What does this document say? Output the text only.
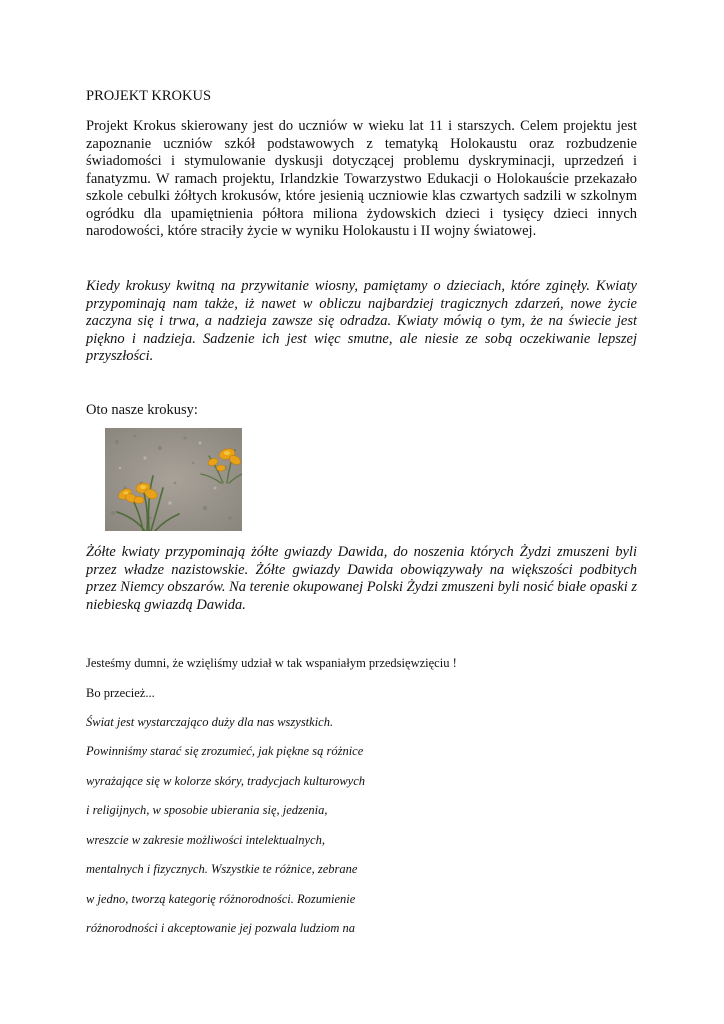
PROJEKT KROKUS

Projekt Krokus skierowany jest do uczniów w wieku lat 11 i starszych. Celem projektu jest zapoznanie uczniów szkół podstawowych z tematyką Holokaustu oraz rozbudzenie świadomości i stymulowanie dyskusji dotyczącej problemu dyskryminacji, uprzedzeń i fanatyzmu. W ramach projektu, Irlandzkie Towarzystwo Edukacji o Holokauście przekazało szkole cebulki żółtych krokusów, które jesienią uczniowie klas czwartych sadzili w szkolnym ogródku dla upamiętnienia półtora miliona żydowskich dzieci i tysięcy dzieci innych narodowości, które straciły życie w wyniku Holokaustu i II wojny światowej.

Kiedy krokusy kwitną na przywitanie wiosny, pamiętamy o dzieciach, które zginęły. Kwiaty przypominają nam także, iż nawet w obliczu najbardziej tragicznych zdarzeń, nowe życie zaczyna się i trwa, a nadzieja zawsze się odradza. Kwiaty mówią o tym, że na świecie jest piękno i nadzieja. Sadzenie ich jest więc smutne, ale niesie ze sobą oczekiwanie lepszej przyszłości.

Oto nasze krokusy:

Żółte kwiaty przypominają żółte gwiazdy Dawida, do noszenia których Żydzi zmuszeni byli przez władze nazistowskie. Żółte gwiazdy Dawida obowiązywały na większości podbitych przez Niemcy obszarów. Na terenie okupowanej Polski Żydzi zmuszeni byli nosić białe opaski z niebieską gwiazdą Dawida.

Jesteśmy dumni, że wzięliśmy udział w tak wspaniałym przedsięwzięciu !
Bo przecież...
Świat jest wystarczająco duży dla nas wszystkich.
Powinniśmy starać się zrozumieć, jak piękne są różnice
wyrażające się w kolorze skóry, tradycjach kulturowych
i religijnych, w sposobie ubierania się, jedzenia,
wreszcie w zakresie możliwości intelektualnych,
mentalnych i fizycznych. Wszystkie te różnice, zebrane
w jedno, tworzą kategorię różnorodności. Rozumienie
różnorodności i akceptowanie jej pozwala ludziom na
